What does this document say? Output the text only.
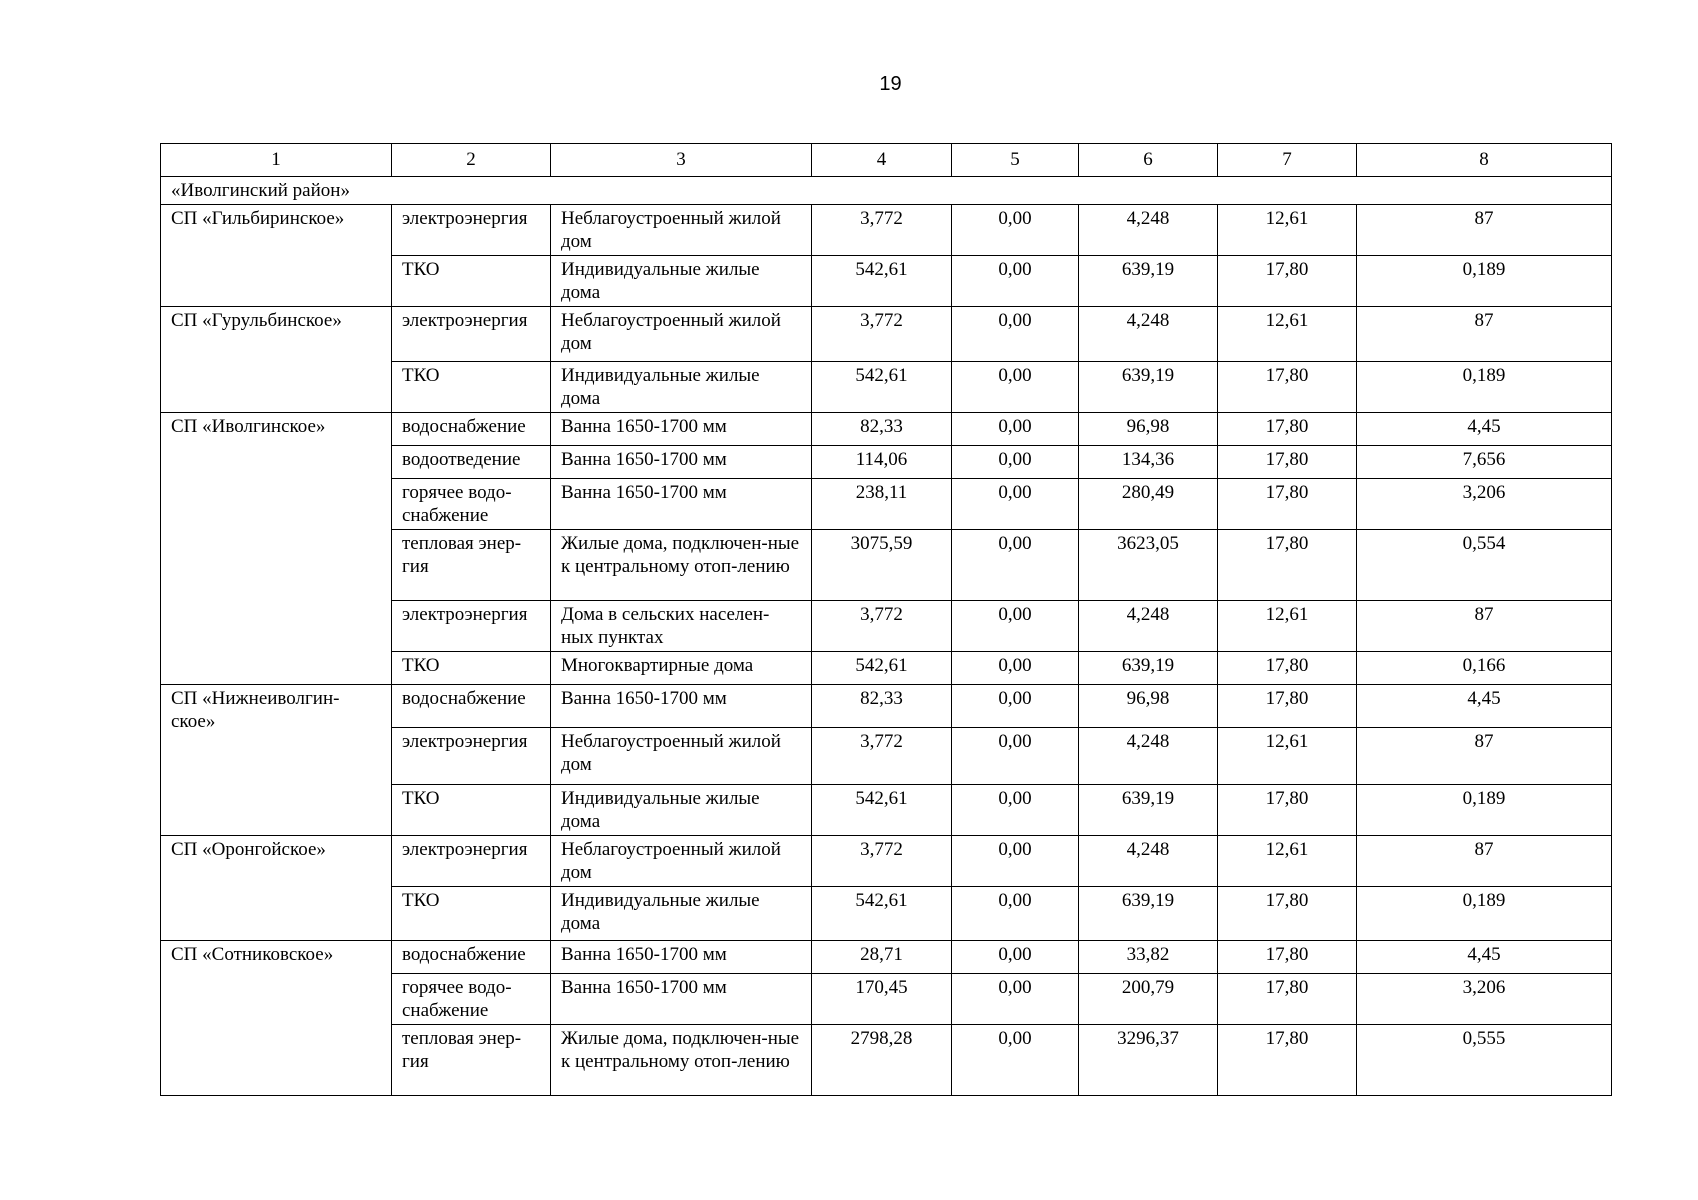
19
1	2	3	4	5	6	7	8
«Иволгинский район»							
СП «Гильбиринское»	электроэнергия	Неблагоустроенный жилой дом	3,772	0,00	4,248	12,61	87
	ТКО	Индивидуальные жилые дома	542,61	0,00	639,19	17,80	0,189
СП «Гурульбинское»	электроэнергия	Неблагоустроенный жилой дом	3,772	0,00	4,248	12,61	87
	ТКО	Индивидуальные жилые дома	542,61	0,00	639,19	17,80	0,189
СП «Иволгинское»	водоснабжение	Ванна 1650-1700 мм	82,33	0,00	96,98	17,80	4,45
	водоотведение	Ванна 1650-1700 мм	114,06	0,00	134,36	17,80	7,656
	горячее водо-снабжение	Ванна 1650-1700 мм	238,11	0,00	280,49	17,80	3,206
	тепловая энер-гия	Жилые дома, подключен-ные к центральному отоп-лению	3075,59	0,00	3623,05	17,80	0,554
	электроэнергия	Дома в сельских населен-ных пунктах	3,772	0,00	4,248	12,61	87
	ТКО	Многоквартирные дома	542,61	0,00	639,19	17,80	0,166
СП «Нижнеиволгин-ское»	водоснабжение	Ванна 1650-1700 мм	82,33	0,00	96,98	17,80	4,45
	электроэнергия	Неблагоустроенный жилой дом	3,772	0,00	4,248	12,61	87
	ТКО	Индивидуальные жилые дома	542,61	0,00	639,19	17,80	0,189
СП «Оронгойское»	электроэнергия	Неблагоустроенный жилой дом	3,772	0,00	4,248	12,61	87
	ТКО	Индивидуальные жилые дома	542,61	0,00	639,19	17,80	0,189
СП «Сотниковское»	водоснабжение	Ванна 1650-1700 мм	28,71	0,00	33,82	17,80	4,45
	горячее водо-снабжение	Ванна 1650-1700 мм	170,45	0,00	200,79	17,80	3,206
	тепловая энер-гия	Жилые дома, подключен-ные к центральному отоп-лению	2798,28	0,00	3296,37	17,80	0,555
